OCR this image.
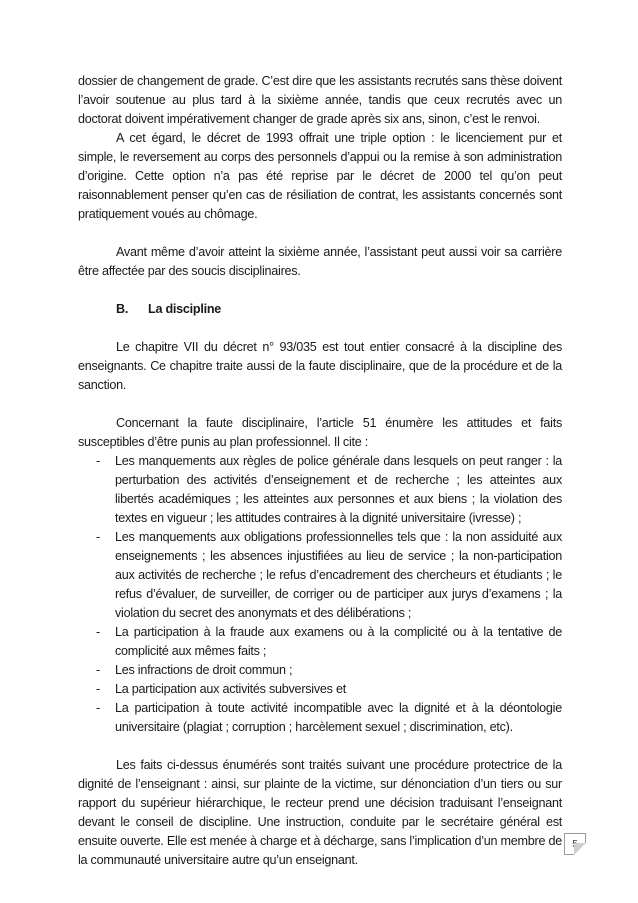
dossier de changement de grade. C’est dire que les assistants recrutés sans thèse doivent l’avoir soutenue au plus tard à la sixième année, tandis que ceux recrutés avec un doctorat doivent impérativement changer de grade après six ans, sinon, c’est le renvoi.

A cet égard, le décret de 1993 offrait une triple option : le licenciement pur et simple, le reversement au corps des personnels d’appui ou la remise à son administration d’origine. Cette option n’a pas été reprise par le décret de 2000 tel qu’on peut raisonnablement penser qu’en cas de résiliation de contrat, les assistants concernés sont pratiquement voués au chômage.

Avant même d’avoir atteint la sixième année, l’assistant peut aussi voir sa carrière être affectée par des soucis disciplinaires.

B. La discipline

Le chapitre VII du décret n° 93/035 est tout entier consacré à la discipline des enseignants. Ce chapitre traite aussi de la faute disciplinaire, que de la procédure et de la sanction.

Concernant la faute disciplinaire, l’article 51 énumère les attitudes et faits susceptibles d’être punis au plan professionnel. Il cite :

- Les manquements aux règles de police générale dans lesquels on peut ranger : la perturbation des activités d’enseignement et de recherche ; les atteintes aux libertés académiques ; les atteintes aux personnes et aux biens ; la violation des textes en vigueur ; les attitudes contraires à la dignité universitaire (ivresse) ;
- Les manquements aux obligations professionnelles tels que : la non assiduité aux enseignements ; les absences injustifiées au lieu de service ; la non-participation aux activités de recherche ; le refus d’encadrement des chercheurs et étudiants ; le refus d’évaluer, de surveiller, de corriger ou de participer aux jurys d’examens ; la violation du secret des anonymats et des délibérations ;
- La participation à la fraude aux examens ou à la complicité ou à la tentative de complicité aux mêmes faits ;
- Les infractions de droit commun ;
- La participation aux activités subversives et
- La participation à toute activité incompatible avec la dignité et à la déontologie universitaire (plagiat ; corruption ; harcèlement sexuel ; discrimination, etc).

Les faits ci-dessus énumérés sont traités suivant une procédure protectrice de la dignité de l’enseignant : ainsi, sur plainte de la victime, sur dénonciation d’un tiers ou sur rapport du supérieur hiérarchique, le recteur prend une décision traduisant l’enseignant devant le conseil de discipline. Une instruction, conduite par le secrétaire général est ensuite ouverte. Elle est menée à charge et à décharge, sans l’implication d’un membre de la communauté universitaire autre qu’un enseignant.

5
